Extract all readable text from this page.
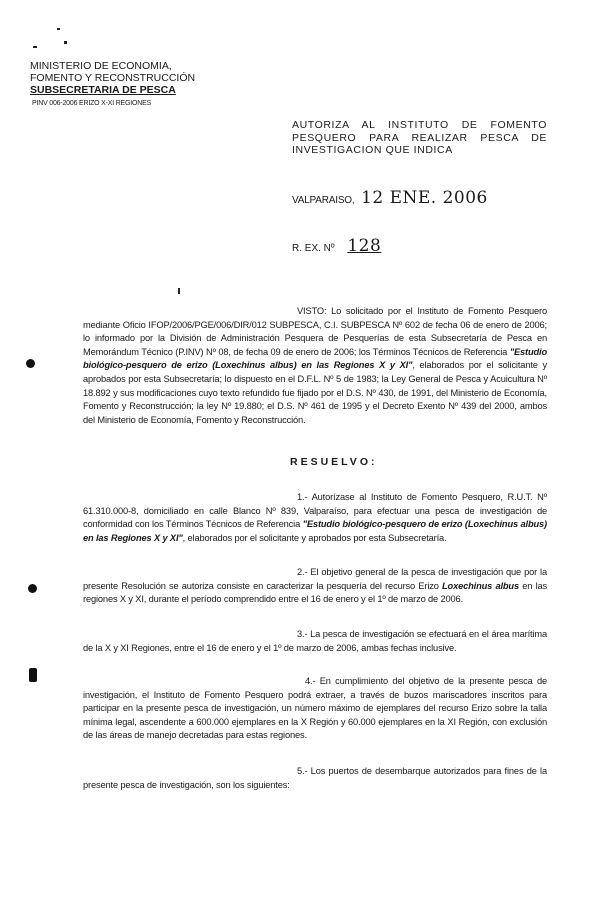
MINISTERIO DE ECONOMIA,
FOMENTO Y RECONSTRUCCIÓN
SUBSECRETARIA DE PESCA
PINV 006-2006 ERIZO X-XI REGIONES
AUTORIZA AL INSTITUTO DE FOMENTO PESQUERO PARA REALIZAR PESCA DE INVESTIGACION QUE INDICA
VALPARAISO, 12 ENE. 2006
R. EX. Nº 128
VISTO: Lo solicitado por el Instituto de Fomento Pesquero mediante Oficio IFOP/2006/PGE/006/DIR/012 SUBPESCA, C.I. SUBPESCA Nº 602 de fecha 06 de enero de 2006; lo informado por la División de Administración Pesquera de Pesquerías de esta Subsecretaría de Pesca en Memorándum Técnico (P.INV) Nº 08, de fecha 09 de enero de 2006; los Términos Técnicos de Referencia "Estudio biológico-pesquero de erizo (Loxechinus albus) en las Regiones X y XI", elaborados por el solicitante y aprobados por esta Subsecretaría; lo dispuesto en el D.F.L. Nº 5 de 1983; la Ley General de Pesca y Acuicultura Nº 18.892 y sus modificaciones cuyo texto refundido fue fijado por el D.S. Nº 430, de 1991, del Ministerio de Economía, Fomento y Reconstrucción; la ley Nº 19.880; el D.S. Nº 461 de 1995 y el Decreto Exento Nº 439 del 2000, ambos del Ministerio de Economía, Fomento y Reconstrucción.
RESUELVO:
1.- Autorízase al Instituto de Fomento Pesquero, R.U.T. Nº 61.310.000-8, domiciliado en calle Blanco Nº 839, Valparaíso, para efectuar una pesca de investigación de conformidad con los Términos Técnicos de Referencia "Estudio biológico-pesquero de erizo (Loxechinus albus) en las Regiones X y XI", elaborados por el solicitante y aprobados por esta Subsecretaría.
2.- El objetivo general de la pesca de investigación que por la presente Resolución se autoriza consiste en caracterizar la pesquería del recurso Erizo Loxechinus albus en las regiones X y XI, durante el período comprendido entre el 16 de enero y el 1º de marzo de 2006.
3.- La pesca de investigación se efectuará en el área marítima de la X y XI Regiones, entre el 16 de enero y el 1º de marzo de 2006, ambas fechas inclusive.
4.- En cumplimiento del objetivo de la presente pesca de investigación, el Instituto de Fomento Pesquero podrá extraer, a través de buzos mariscadores inscritos para participar en la presente pesca de investigación, un número máximo de ejemplares del recurso Erizo sobre la talla mínima legal, ascendente a 600.000 ejemplares en la X Región y 60.000 ejemplares en la XI Región, con exclusión de las áreas de manejo decretadas para estas regiones.
5.- Los puertos de desembarque autorizados para fines de la presente pesca de investigación, son los siguientes:
